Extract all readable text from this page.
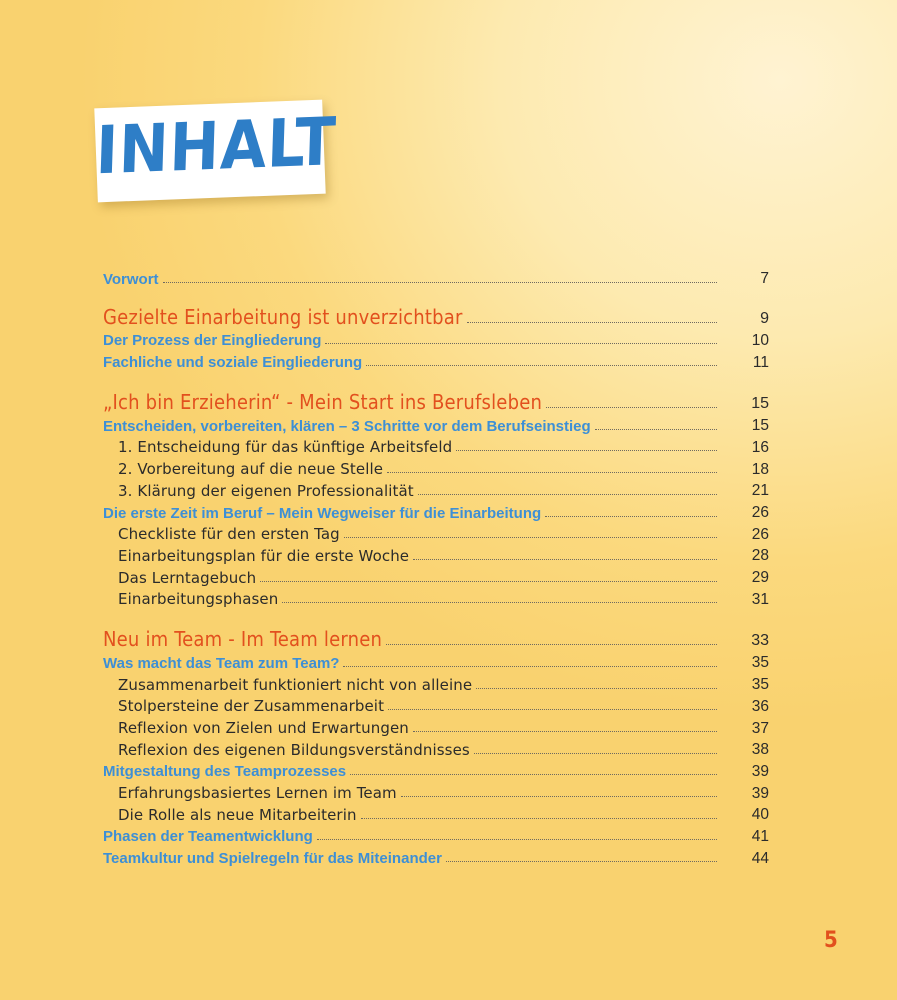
INHALT
Vorwort	7
Gezielte Einarbeitung ist unverzichtbar	9
Der Prozess der Eingliederung	10
Fachliche und soziale Eingliederung	11
„Ich bin Erzieherin“ - Mein Start ins Berufsleben	15
Entscheiden, vorbereiten, klären – 3 Schritte vor dem Berufseinstieg	15
1. Entscheidung für das künftige Arbeitsfeld	16
2. Vorbereitung auf die neue Stelle	18
3. Klärung der eigenen Professionalität	21
Die erste Zeit im Beruf – Mein Wegweiser für die Einarbeitung	26
Checkliste für den ersten Tag	26
Einarbeitungsplan für die erste Woche	28
Das Lerntagebuch	29
Einarbeitungsphasen	31
Neu im Team - Im Team lernen	33
Was macht das Team zum Team?	35
Zusammenarbeit funktioniert nicht von alleine	35
Stolpersteine der Zusammenarbeit	36
Reflexion von Zielen und Erwartungen	37
Reflexion des eigenen Bildungsverständnisses	38
Mitgestaltung des Teamprozesses	39
Erfahrungsbasiertes Lernen im Team	39
Die Rolle als neue Mitarbeiterin	40
Phasen der Teamentwicklung	41
Teamkultur und Spielregeln für das Miteinander	44
5
